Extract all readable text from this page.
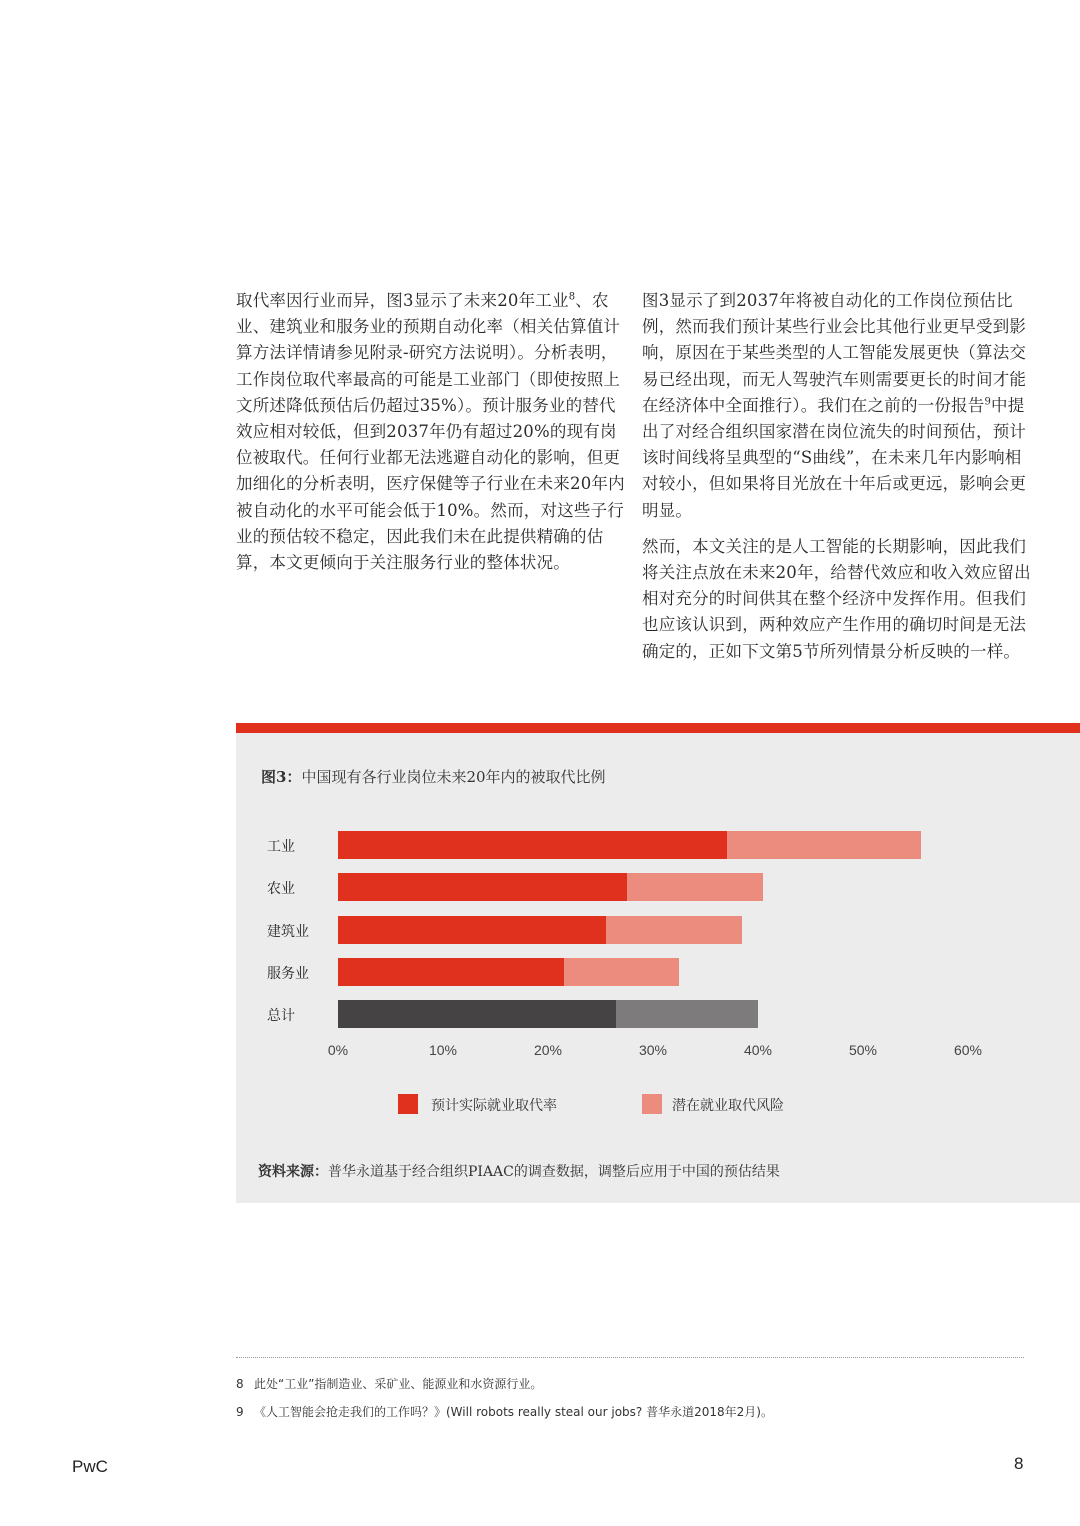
取代率因行业而异，图3显示了未来20年工业$^8$、农业、建筑业和服务业的预期自动化率（相关估算值计算方法详情请参见附录-研究方法说明）。分析表明，工作岗位取代率最高的可能是工业部门（即使按照上文所述降低预估后仍超过35%）。预计服务业的替代效应相对较低，但到2037年仍有超过20%的现有岗位被取代。任何行业都无法逃避自动化的影响，但更加细化的分析表明，医疗保健等子行业在未来20年内被自动化的水平可能会低于10%。然而，对这些子行业的预估较不稳定，因此我们未在此提供精确的估算，本文更倾向于关注服务行业的整体状况。

图3显示了到2037年将被自动化的工作岗位预估比例，然而我们预计某些行业会比其他行业更早受到影响，原因在于某些类型的人工智能发展更快（算法交易已经出现，而无人驾驶汽车则需要更长的时间才能在经济体中全面推行）。我们在之前的一份报告$^9$中提出了对经合组织国家潜在岗位流失的时间预估，预计该时间线将呈典型的“S曲线”，在未来几年内影响相对较小，但如果将目光放在十年后或更远，影响会更明显。

然而，本文关注的是人工智能的长期影响，因此我们将关注点放在未来20年，给替代效应和收入效应留出相对充分的时间供其在整个经济中发挥作用。但我们也应该认识到，两种效应产生作用的确切时间是无法确定的，正如下文第5节所列情景分析反映的一样。

图3：中国现有各行业岗位未来20年内的被取代比例
预计实际就业取代率	潜在就业取代风险
资料来源：普华永道基于经合组织PIAAC的调查数据，调整后应用于中国的预估结果
工业
农业
建筑业
服务业
总计
0%	10%	20%	30%	40%	50%	60%
8 此处“工业”指制造业、采矿业、能源业和水资源行业。
9 《人工智能会抢走我们的工作吗？》(Will robots really steal our jobs? 普华永道2018年2月)。
PwC	8
